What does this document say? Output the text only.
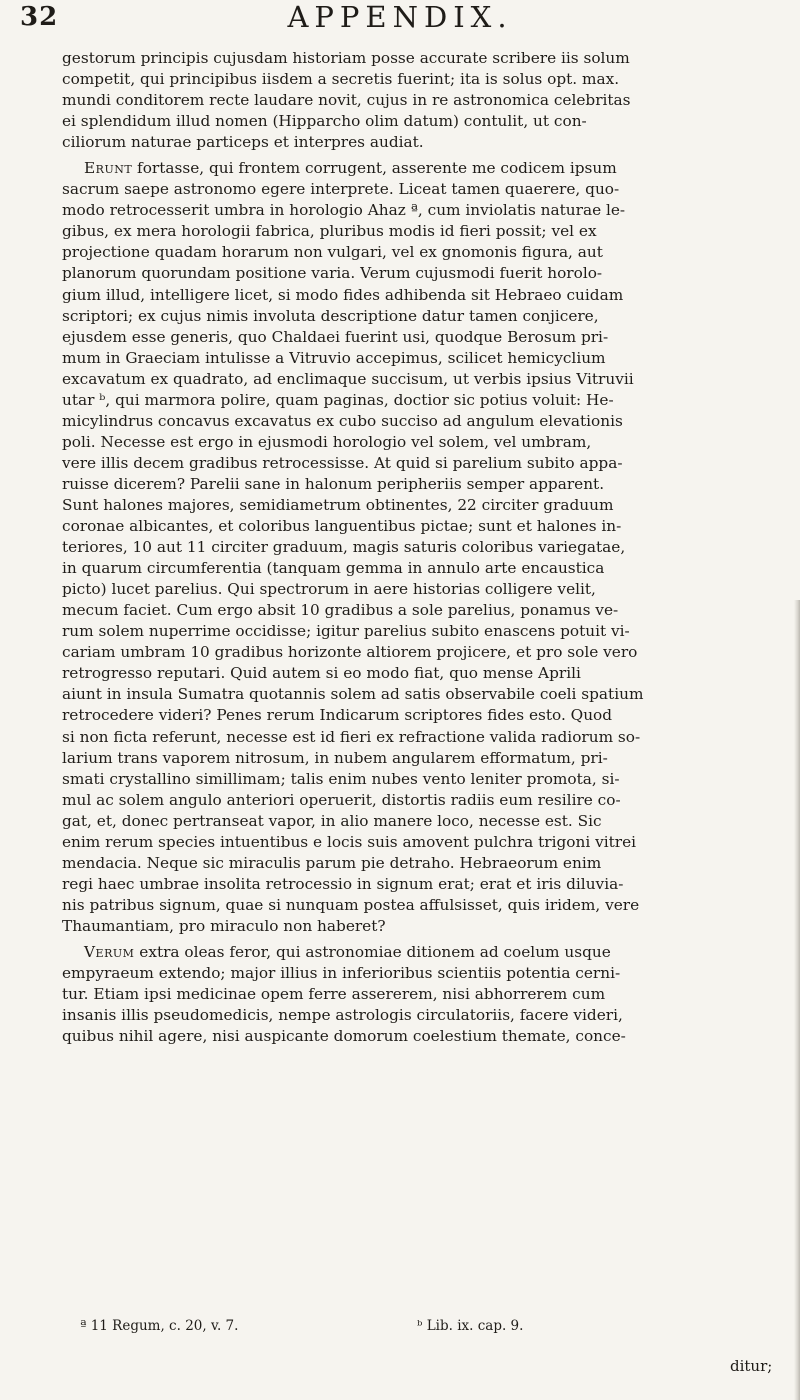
32	APPENDIX.
gestorum principis cujusdam historiam posse accurate scribere iis solum
competit, qui principibus iisdem a secretis fuerint; ita is solus opt. max.
mundi conditorem recte laudare novit, cujus in re astronomica celebritas
ei splendidum illud nomen (Hipparcho olim datum) contulit, ut con-
ciliorum naturae particeps et interpres audiat.
Erunt fortasse, qui frontem corrugent, asserente me codicem ipsum
sacrum saepe astronomo egere interprete. Liceat tamen quaerere, quo-
modo retrocesserit umbra in horologio Ahaz ª, cum inviolatis naturae le-
gibus, ex mera horologii fabrica, pluribus modis id fieri possit; vel ex
projectione quadam horarum non vulgari, vel ex gnomonis figura, aut
planorum quorundam positione varia. Verum cujusmodi fuerit horolo-
gium illud, intelligere licet, si modo fides adhibenda sit Hebraeo cuidam
scriptori; ex cujus nimis involuta descriptione datur tamen conjicere,
ejusdem esse generis, quo Chaldaei fuerint usi, quodque Berosum pri-
mum in Graeciam intulisse a Vitruvio accepimus, scilicet hemicyclium
excavatum ex quadrato, ad enclimaque succisum, ut verbis ipsius Vitruvii
utar ᵇ, qui marmora polire, quam paginas, doctior sic potius voluit: He-
micylindrus concavus excavatus ex cubo succiso ad angulum elevationis
poli. Necesse est ergo in ejusmodi horologio vel solem, vel umbram,
vere illis decem gradibus retrocessisse. At quid si parelium subito appa-
ruisse dicerem? Parelii sane in halonum peripheriis semper apparent.
Sunt halones majores, semidiametrum obtinentes, 22 circiter graduum
coronae albicantes, et coloribus languentibus pictae; sunt et halones in-
teriores, 10 aut 11 circiter graduum, magis saturis coloribus variegatae,
in quarum circumferentia (tanquam gemma in annulo arte encaustica
picto) lucet parelius. Qui spectrorum in aere historias colligere velit,
mecum faciet. Cum ergo absit 10 gradibus a sole parelius, ponamus ve-
rum solem nuperrime occidisse; igitur parelius subito enascens potuit vi-
cariam umbram 10 gradibus horizonte altiorem projicere, et pro sole vero
retrogresso reputari. Quid autem si eo modo fiat, quo mense Aprili
aiunt in insula Sumatra quotannis solem ad satis observabile coeli spatium
retrocedere videri? Penes rerum Indicarum scriptores fides esto. Quod
si non ficta referunt, necesse est id fieri ex refractione valida radiorum so-
larium trans vaporem nitrosum, in nubem angularem efformatum, pri-
smati crystallino simillimam; talis enim nubes vento leniter promota, si-
mul ac solem angulo anteriori operuerit, distortis radiis eum resilire co-
gat, et, donec pertranseat vapor, in alio manere loco, necesse est. Sic
enim rerum species intuentibus e locis suis amovent pulchra trigoni vitrei
mendacia. Neque sic miraculis parum pie detraho. Hebraeorum enim
regi haec umbrae insolita retrocessio in signum erat; erat et iris diluvia-
nis patribus signum, quae si nunquam postea affulsisset, quis iridem, vere
Thaumantiam, pro miraculo non haberet?
Verum extra oleas feror, qui astronomiae ditionem ad coelum usque
empyraeum extendo; major illius in inferioribus scientiis potentia cerni-
tur. Etiam ipsi medicinae opem ferre assererem, nisi abhorrerem cum
insanis illis pseudomedicis, nempe astrologis circulatoriis, facere videri,
quibus nihil agere, nisi auspicante domorum coelestium themate, conce-
ª 11 Regum, c. 20, v. 7.	ᵇ Lib. ix. cap. 9.
ditur;
